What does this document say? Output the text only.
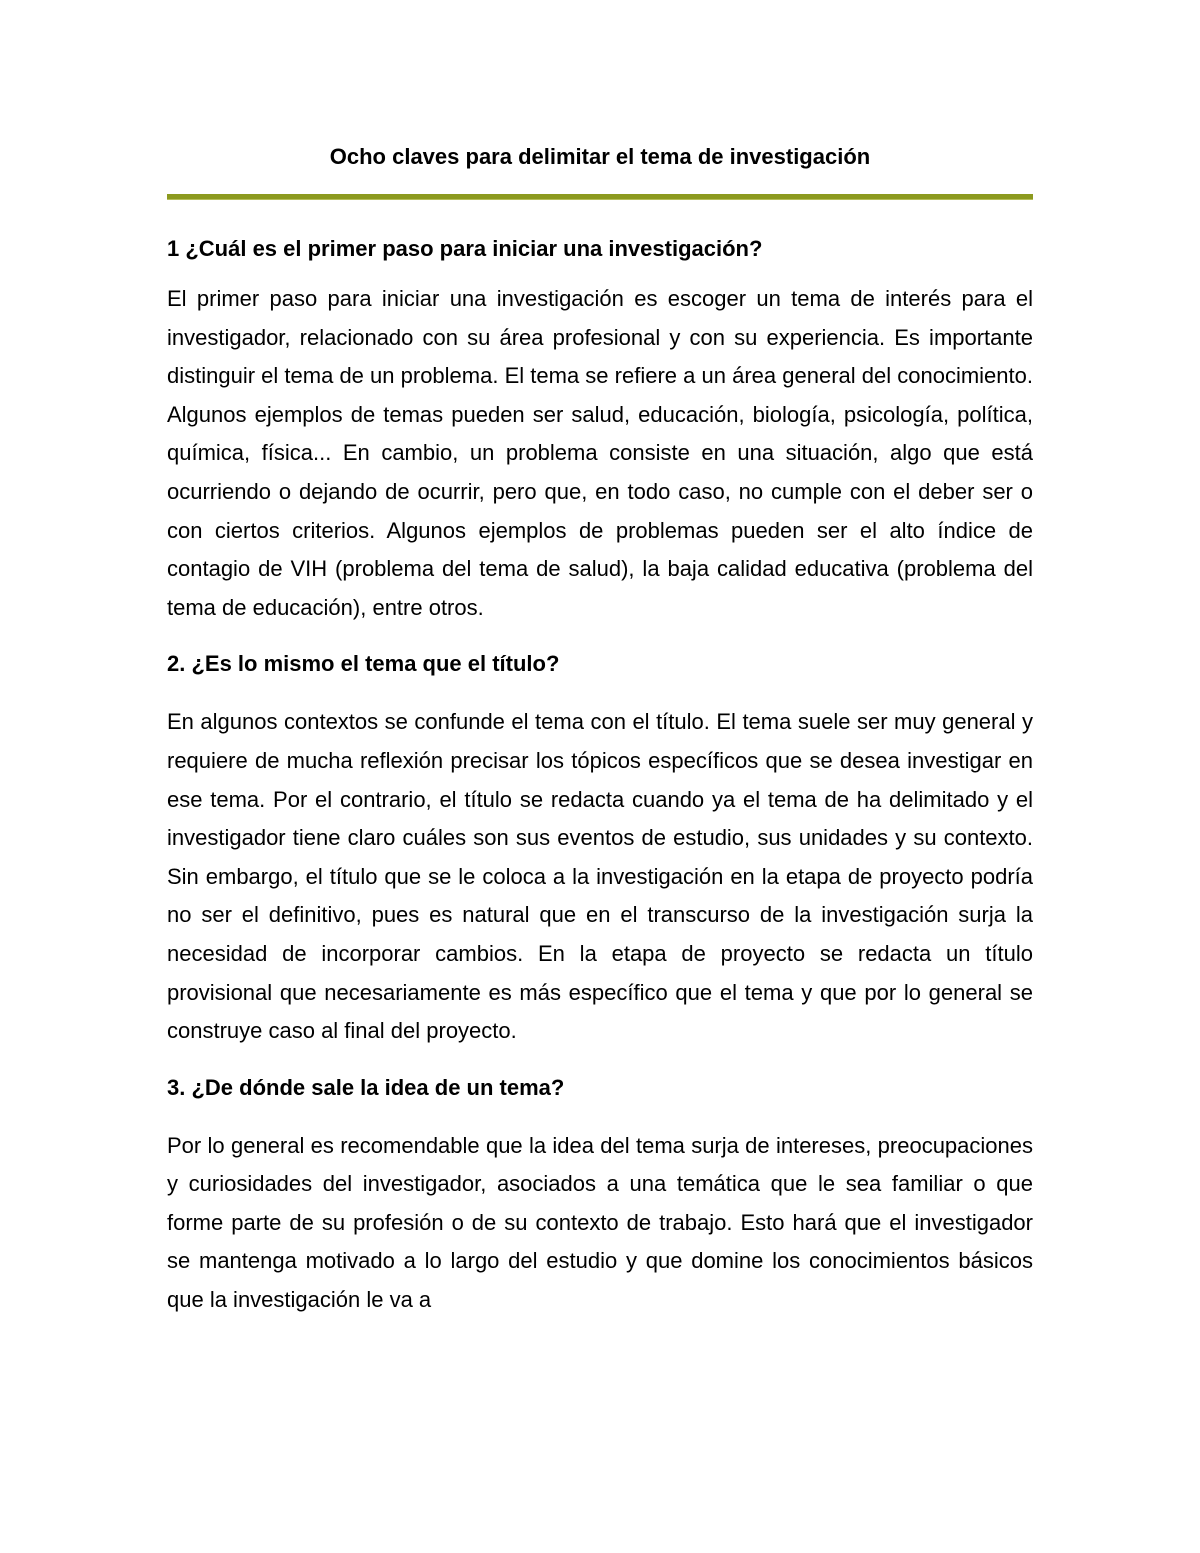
Ocho claves para delimitar el tema de investigación
1 ¿Cuál es el primer paso para iniciar una investigación?

El primer paso para iniciar una investigación es escoger un tema de interés para el investigador, relacionado con su área profesional y con su experiencia. Es importante distinguir el tema de un problema. El tema se refiere a un área general del conocimiento. Algunos ejemplos de temas pueden ser salud, educación, biología, psicología, política, química, física... En cambio, un problema consiste en una situación, algo que está ocurriendo o dejando de ocurrir, pero que, en todo caso, no cumple con el deber ser o con ciertos criterios. Algunos ejemplos de problemas pueden ser el alto índice de contagio de VIH (problema del tema de salud), la baja calidad educativa (problema del tema de educación), entre otros.

2. ¿Es lo mismo el tema que el título?

En algunos contextos se confunde el tema con el título. El tema suele ser muy general y requiere de mucha reflexión precisar los tópicos específicos que se desea investigar en ese tema. Por el contrario, el título se redacta cuando ya el tema de ha delimitado y el investigador tiene claro cuáles son sus eventos de estudio, sus unidades y su contexto. Sin embargo, el título que se le coloca a la investigación en la etapa de proyecto podría no ser el definitivo, pues es natural que en el transcurso de la investigación surja la necesidad de incorporar cambios. En la etapa de proyecto se redacta un título provisional que necesariamente es más específico que el tema y que por lo general se construye caso al final del proyecto.

3. ¿De dónde sale la idea de un tema?

Por lo general es recomendable que la idea del tema surja de intereses, preocupaciones y curiosidades del investigador, asociados a una temática que le sea familiar o que forme parte de su profesión o de su contexto de trabajo. Esto hará que el investigador se mantenga motivado a lo largo del estudio y que domine los conocimientos básicos que la investigación le va a
